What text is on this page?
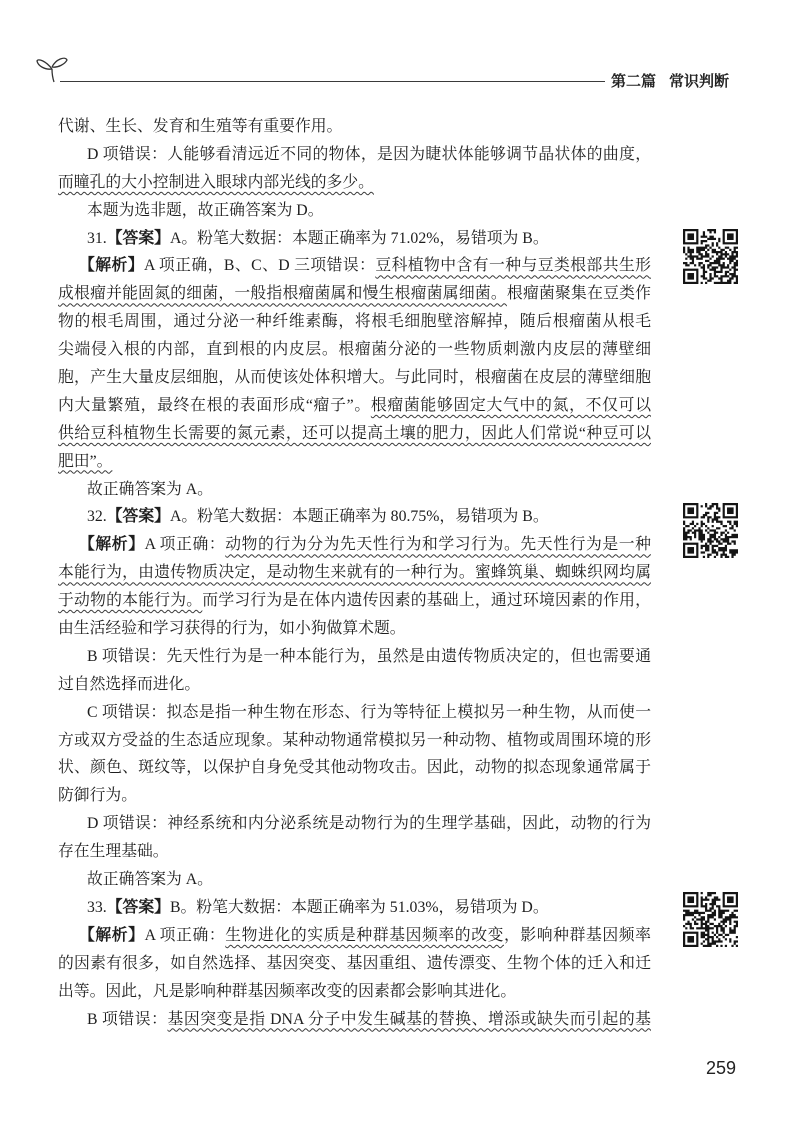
第二篇 常识判断
代谢、生长、发育和生殖等有重要作用。
D 项错误：人能够看清远近不同的物体，是因为睫状体能够调节晶状体的曲度，
而瞳孔的大小控制进入眼球内部光线的多少。
本题为选非题，故正确答案为 D。
31.【答案】A。粉笔大数据：本题正确率为 71.02%，易错项为 B。
【解析】A 项正确，B、C、D 三项错误：豆科植物中含有一种与豆类根部共生形
成根瘤并能固氮的细菌，一般指根瘤菌属和慢生根瘤菌属细菌。根瘤菌聚集在豆类作
物的根毛周围，通过分泌一种纤维素酶，将根毛细胞壁溶解掉，随后根瘤菌从根毛
尖端侵入根的内部，直到根的内皮层。根瘤菌分泌的一些物质刺激内皮层的薄壁细
胞，产生大量皮层细胞，从而使该处体积增大。与此同时，根瘤菌在皮层的薄壁细胞
内大量繁殖，最终在根的表面形成“瘤子”。根瘤菌能够固定大气中的氮，不仅可以
供给豆科植物生长需要的氮元素，还可以提高土壤的肥力，因此人们常说“种豆可以
肥田”。
故正确答案为 A。
32.【答案】A。粉笔大数据：本题正确率为 80.75%，易错项为 B。
【解析】A 项正确：动物的行为分为先天性行为和学习行为。先天性行为是一种
本能行为，由遗传物质决定，是动物生来就有的一种行为。蜜蜂筑巢、蜘蛛织网均属
于动物的本能行为。而学习行为是在体内遗传因素的基础上，通过环境因素的作用，
由生活经验和学习获得的行为，如小狗做算术题。
B 项错误：先天性行为是一种本能行为，虽然是由遗传物质决定的，但也需要通
过自然选择而进化。
C 项错误：拟态是指一种生物在形态、行为等特征上模拟另一种生物，从而使一
方或双方受益的生态适应现象。某种动物通常模拟另一种动物、植物或周围环境的形
状、颜色、斑纹等，以保护自身免受其他动物攻击。因此，动物的拟态现象通常属于
防御行为。
D 项错误：神经系统和内分泌系统是动物行为的生理学基础，因此，动物的行为
存在生理基础。
故正确答案为 A。
33.【答案】B。粉笔大数据：本题正确率为 51.03%，易错项为 D。
【解析】A 项正确：生物进化的实质是种群基因频率的改变，影响种群基因频率
的因素有很多，如自然选择、基因突变、基因重组、遗传漂变、生物个体的迁入和迁
出等。因此，凡是影响种群基因频率改变的因素都会影响其进化。
B 项错误：基因突变是指 DNA 分子中发生碱基的替换、增添或缺失而引起的基
259
